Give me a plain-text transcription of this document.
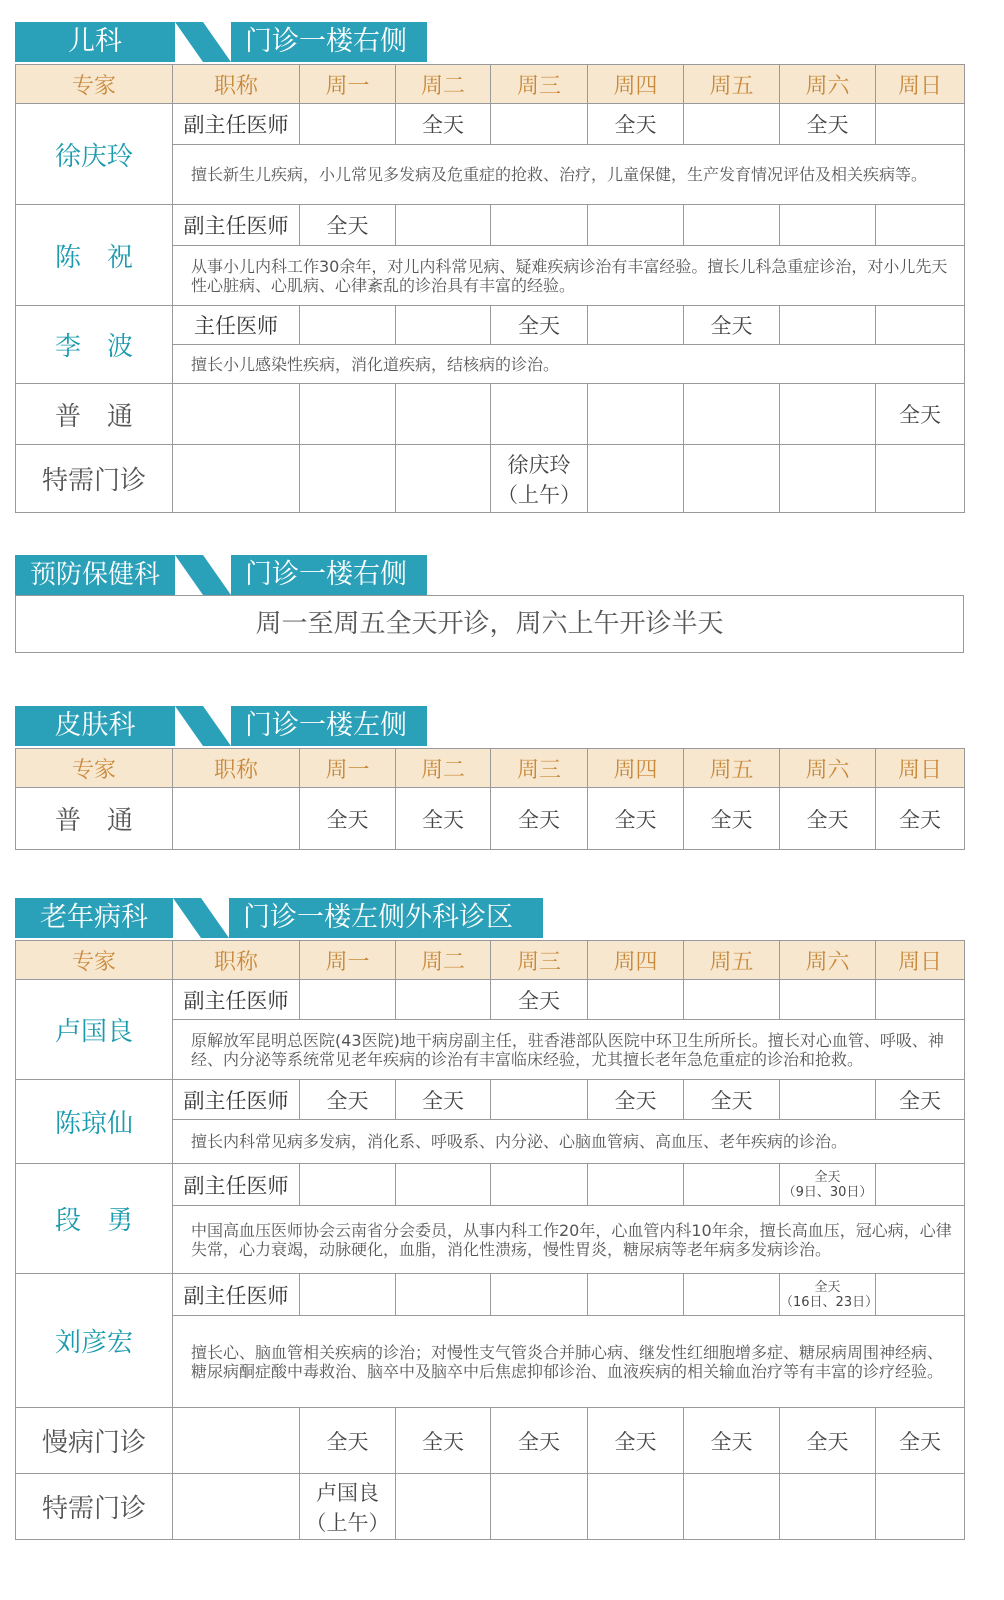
儿科	门诊一楼右侧
专家	职称	周一	周二	周三	周四	周五	周六	周日
徐庆玲	副主任医师		全天		全天		全天	
	擅长新生儿疾病，小儿常见多发病及危重症的抢救、治疗，儿童保健，生产发育情况评估及相关疾病等。							
陈　祝	副主任医师	全天						
	从事小儿内科工作30余年，对儿内科常见病、疑难疾病诊治有丰富经验。擅长儿科急重症诊治，对小儿先天性心脏病、心肌病、心律紊乱的诊治具有丰富的经验。							
李　波	主任医师			全天		全天		
	擅长小儿感染性疾病，消化道疾病，结核病的诊治。							
普　通								全天
特需门诊				徐庆玲
（上午）				

预防保健科	门诊一楼右侧
周一至周五全天开诊，周六上午开诊半天
皮肤科	门诊一楼左侧
专家	职称	周一	周二	周三	周四	周五	周六	周日
普　通		全天	全天	全天	全天	全天	全天	全天
老年病科	门诊一楼左侧外科诊区
专家	职称	周一	周二	周三	周四	周五	周六	周日
卢国良	副主任医师			全天				
	原解放军昆明总医院(43医院)地干病房副主任，驻香港部队医院中环卫生所所长。擅长对心血管、呼吸、神经、内分泌等系统常见老年疾病的诊治有丰富临床经验，尤其擅长老年急危重症的诊治和抢救。							
陈琼仙	副主任医师	全天	全天		全天	全天		全天
	擅长内科常见病多发病，消化系、呼吸系、内分泌、心脑血管病、高血压、老年疾病的诊治。							
段　勇	副主任医师						全天
（9日、30日）	

	中国高血压医师协会云南省分会委员，从事内科工作20年，心血管内科10年余，擅长高血压，冠心病，心律失常，心力衰竭，动脉硬化，血脂，消化性溃疡，慢性胃炎，糖尿病等老年病多发病诊治。							
刘彦宏	副主任医师						全天
（16日、23日）	

	擅长心、脑血管相关疾病的诊治；对慢性支气管炎合并肺心病、继发性红细胞增多症、糖尿病周围神经病、糖尿病酮症酸中毒救治、脑卒中及脑卒中后焦虑抑郁诊治、血液疾病的相关输血治疗等有丰富的诊疗经验。							
慢病门诊		全天	全天	全天	全天	全天	全天	全天
特需门诊		卢国良
（上午）						
